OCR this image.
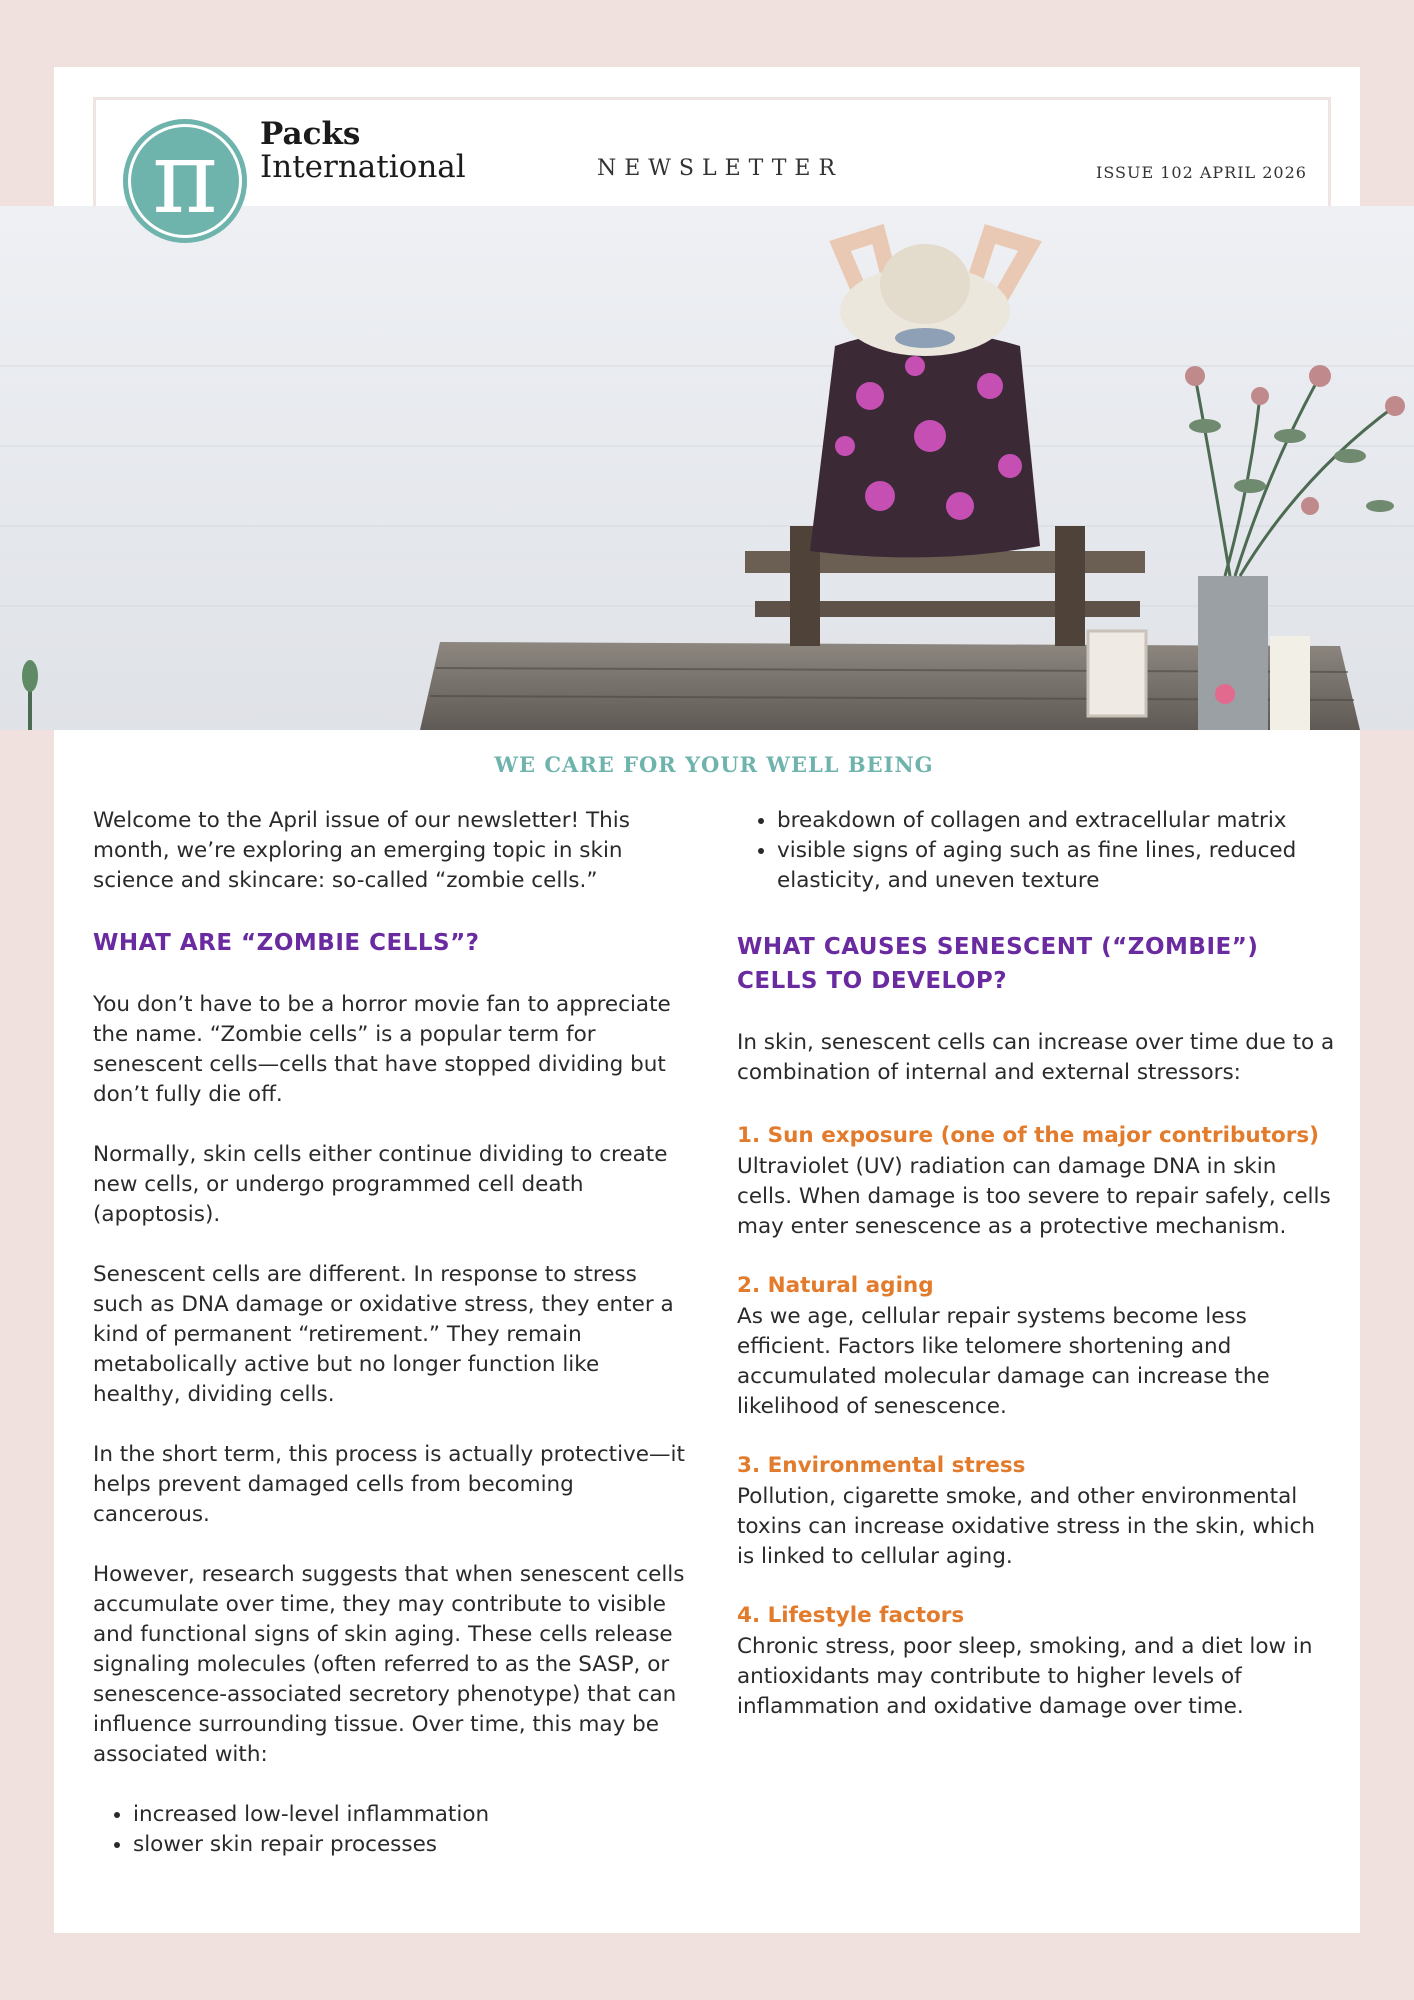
π	Packs
International	NEWSLETTER	ISSUE 102 APRIL 2026
WE CARE FOR YOUR WELL BEING

Welcome to the April issue of our newsletter! This month, we’re exploring an emerging topic in skin science and skincare: so-called “zombie cells.”

WHAT ARE “ZOMBIE CELLS”?

You don’t have to be a horror movie fan to appreciate the name. “Zombie cells” is a popular term for senescent cells—cells that have stopped dividing but don’t fully die off.

Normally, skin cells either continue dividing to create new cells, or undergo programmed cell death (apoptosis).

Senescent cells are different. In response to stress such as DNA damage or oxidative stress, they enter a kind of permanent “retirement.” They remain metabolically active but no longer function like healthy, dividing cells.

In the short term, this process is actually protective—it helps prevent damaged cells from becoming cancerous.

However, research suggests that when senescent cells accumulate over time, they may contribute to visible and functional signs of skin aging. These cells release signaling molecules (often referred to as the SASP, or senescence-associated secretory phenotype) that can influence surrounding tissue. Over time, this may be associated with:

• increased low-level inflammation
• slower skin repair processes
• breakdown of collagen and extracellular matrix
• visible signs of aging such as fine lines, reduced elasticity, and uneven texture
WHAT CAUSES SENESCENT (“ZOMBIE”) CELLS TO DEVELOP?

In skin, senescent cells can increase over time due to a combination of internal and external stressors:

1. Sun exposure (one of the major contributors)

Ultraviolet (UV) radiation can damage DNA in skin cells. When damage is too severe to repair safely, cells may enter senescence as a protective mechanism.

2. Natural aging

As we age, cellular repair systems become less efficient. Factors like telomere shortening and accumulated molecular damage can increase the likelihood of senescence.

3. Environmental stress

Pollution, cigarette smoke, and other environmental toxins can increase oxidative stress in the skin, which is linked to cellular aging.

4. Lifestyle factors

Chronic stress, poor sleep, smoking, and a diet low in antioxidants may contribute to higher levels of inflammation and oxidative damage over time.
